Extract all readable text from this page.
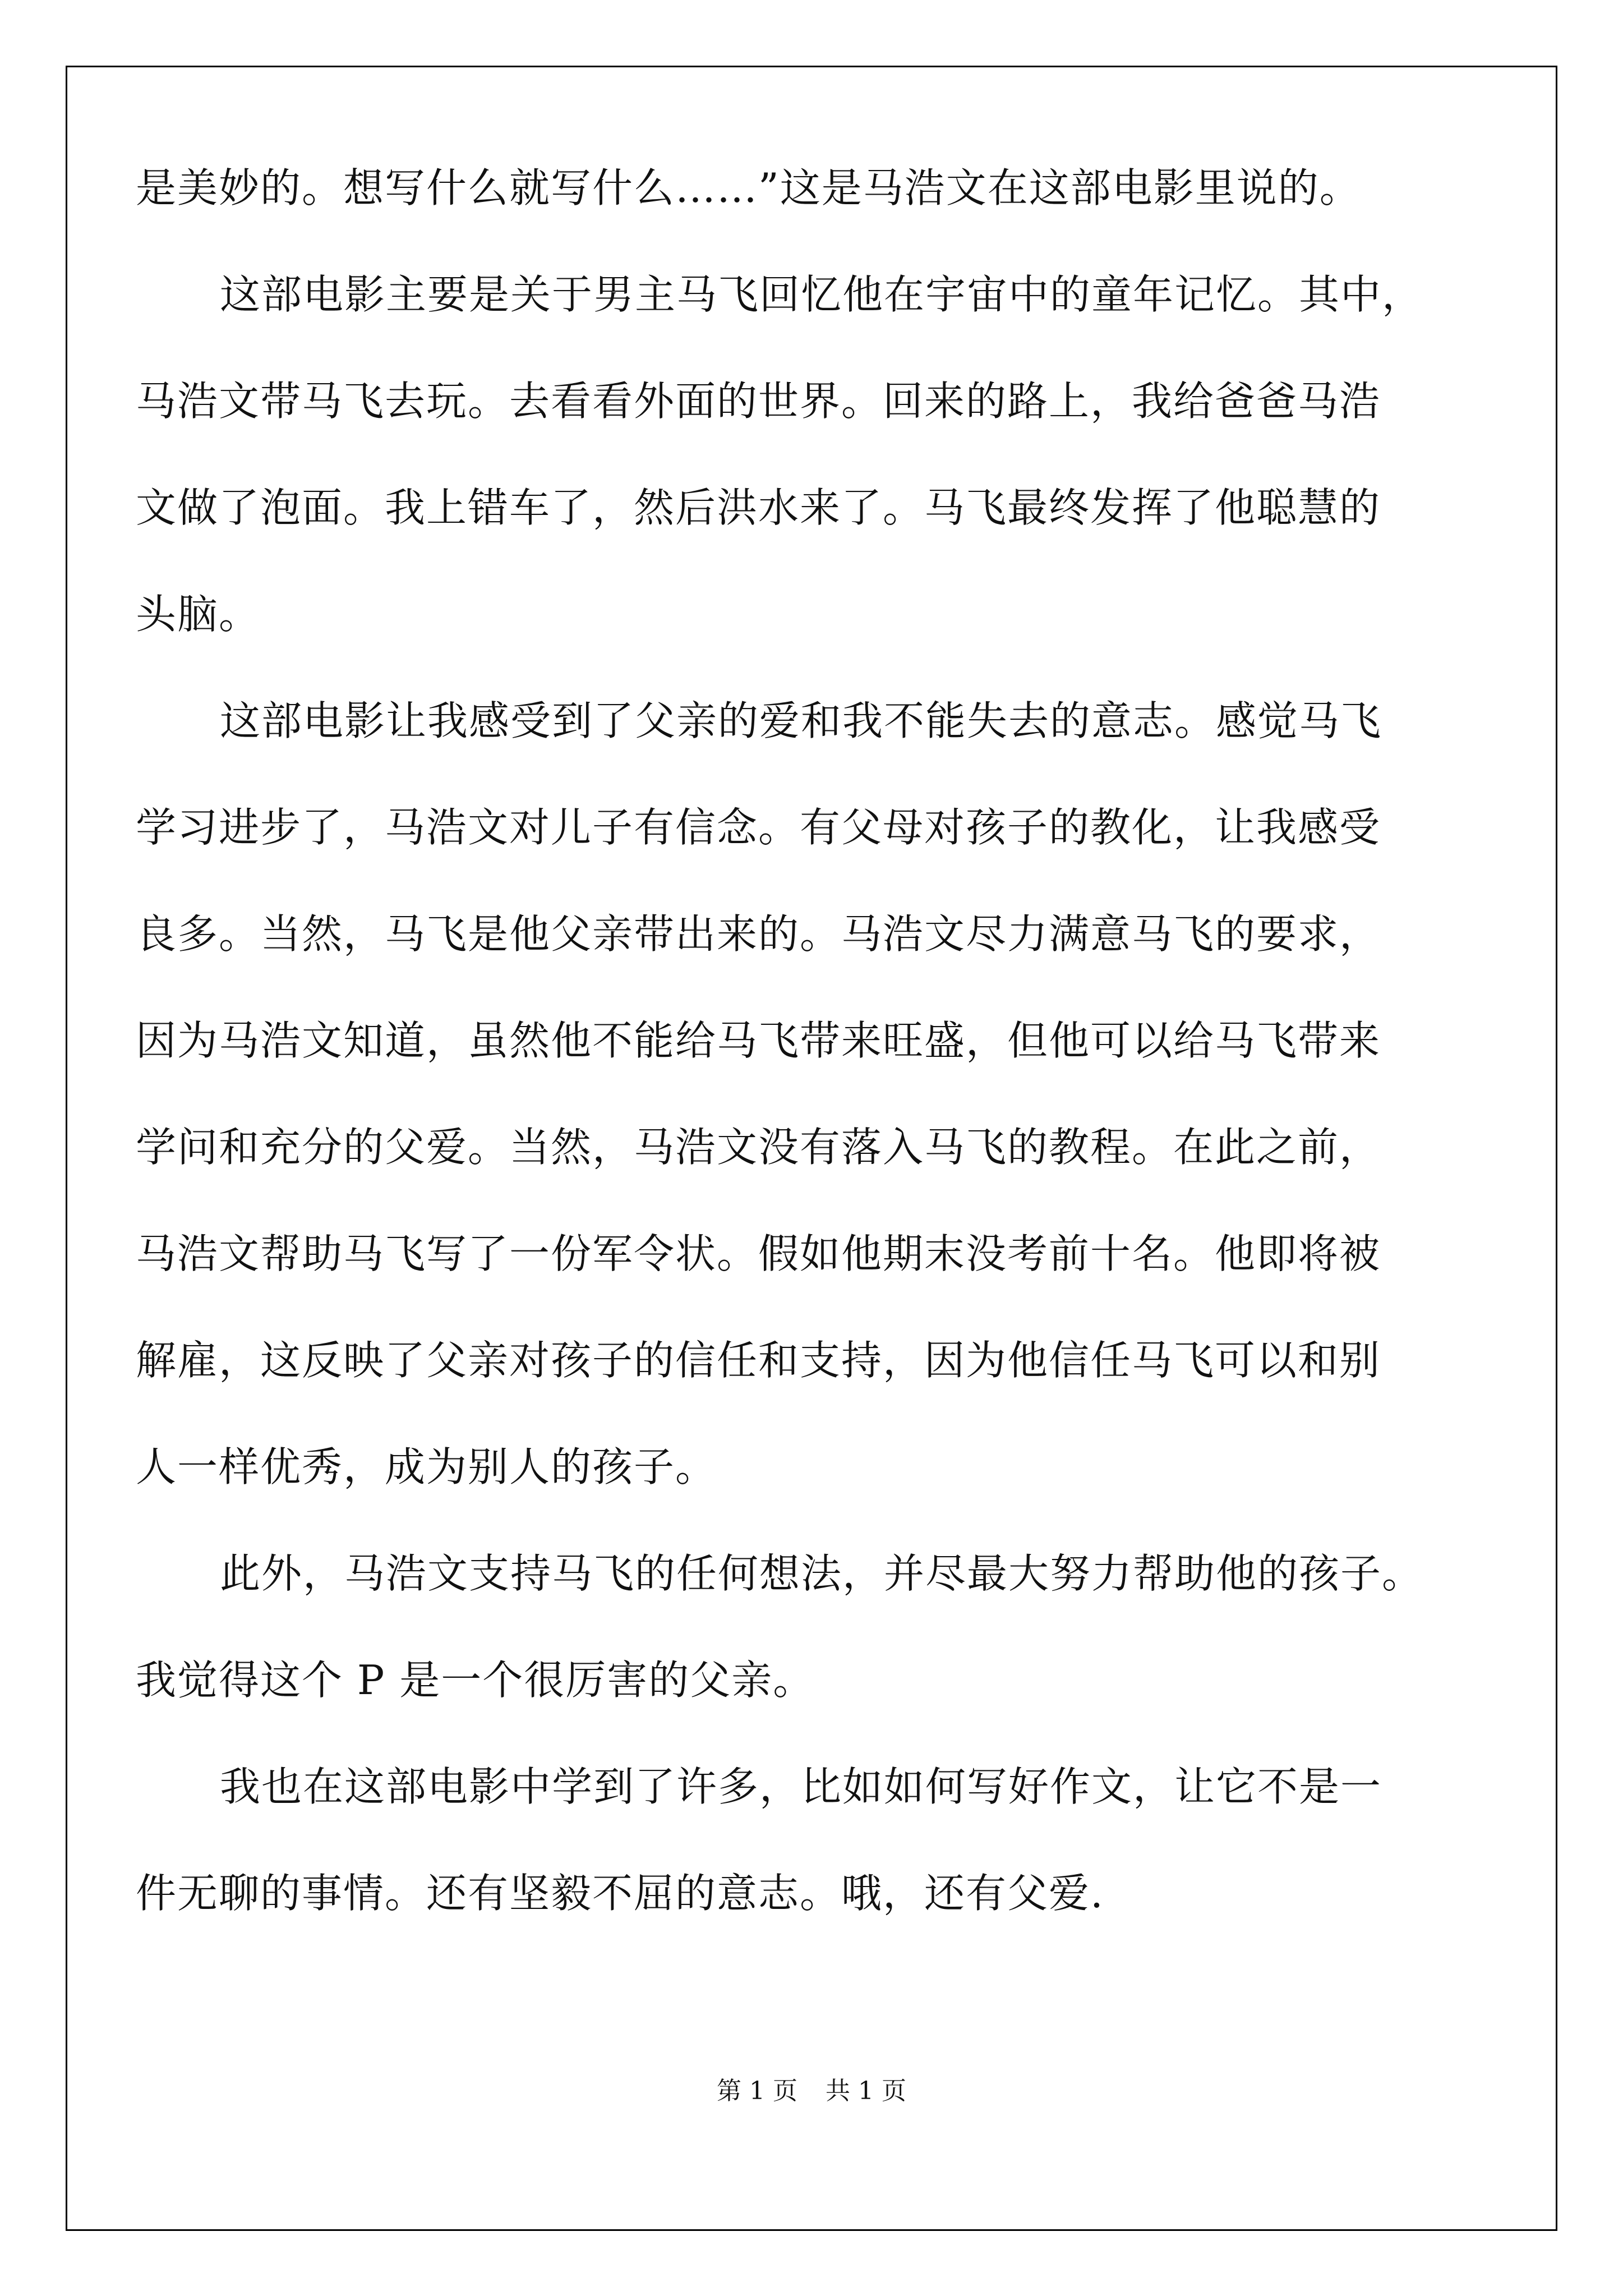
是美妙的。想写什么就写什么……”这是马浩文在这部电影里说的。
这部电影主要是关于男主马飞回忆他在宇宙中的童年记忆。其中，
马浩文带马飞去玩。去看看外面的世界。回来的路上，我给爸爸马浩
文做了泡面。我上错车了，然后洪水来了。马飞最终发挥了他聪慧的
头脑。
这部电影让我感受到了父亲的爱和我不能失去的意志。感觉马飞
学习进步了，马浩文对儿子有信念。有父母对孩子的教化，让我感受
良多。当然，马飞是他父亲带出来的。马浩文尽力满意马飞的要求，
因为马浩文知道，虽然他不能给马飞带来旺盛，但他可以给马飞带来
学问和充分的父爱。当然，马浩文没有落入马飞的教程。在此之前，
马浩文帮助马飞写了一份军令状。假如他期末没考前十名。他即将被
解雇，这反映了父亲对孩子的信任和支持，因为他信任马飞可以和别
人一样优秀，成为别人的孩子。
此外，马浩文支持马飞的任何想法，并尽最大努力帮助他的孩子。
我觉得这个 P 是一个很厉害的父亲。
我也在这部电影中学到了许多，比如如何写好作文，让它不是一
件无聊的事情。还有坚毅不屈的意志。哦，还有父爱.
第 1 页 共 1 页
